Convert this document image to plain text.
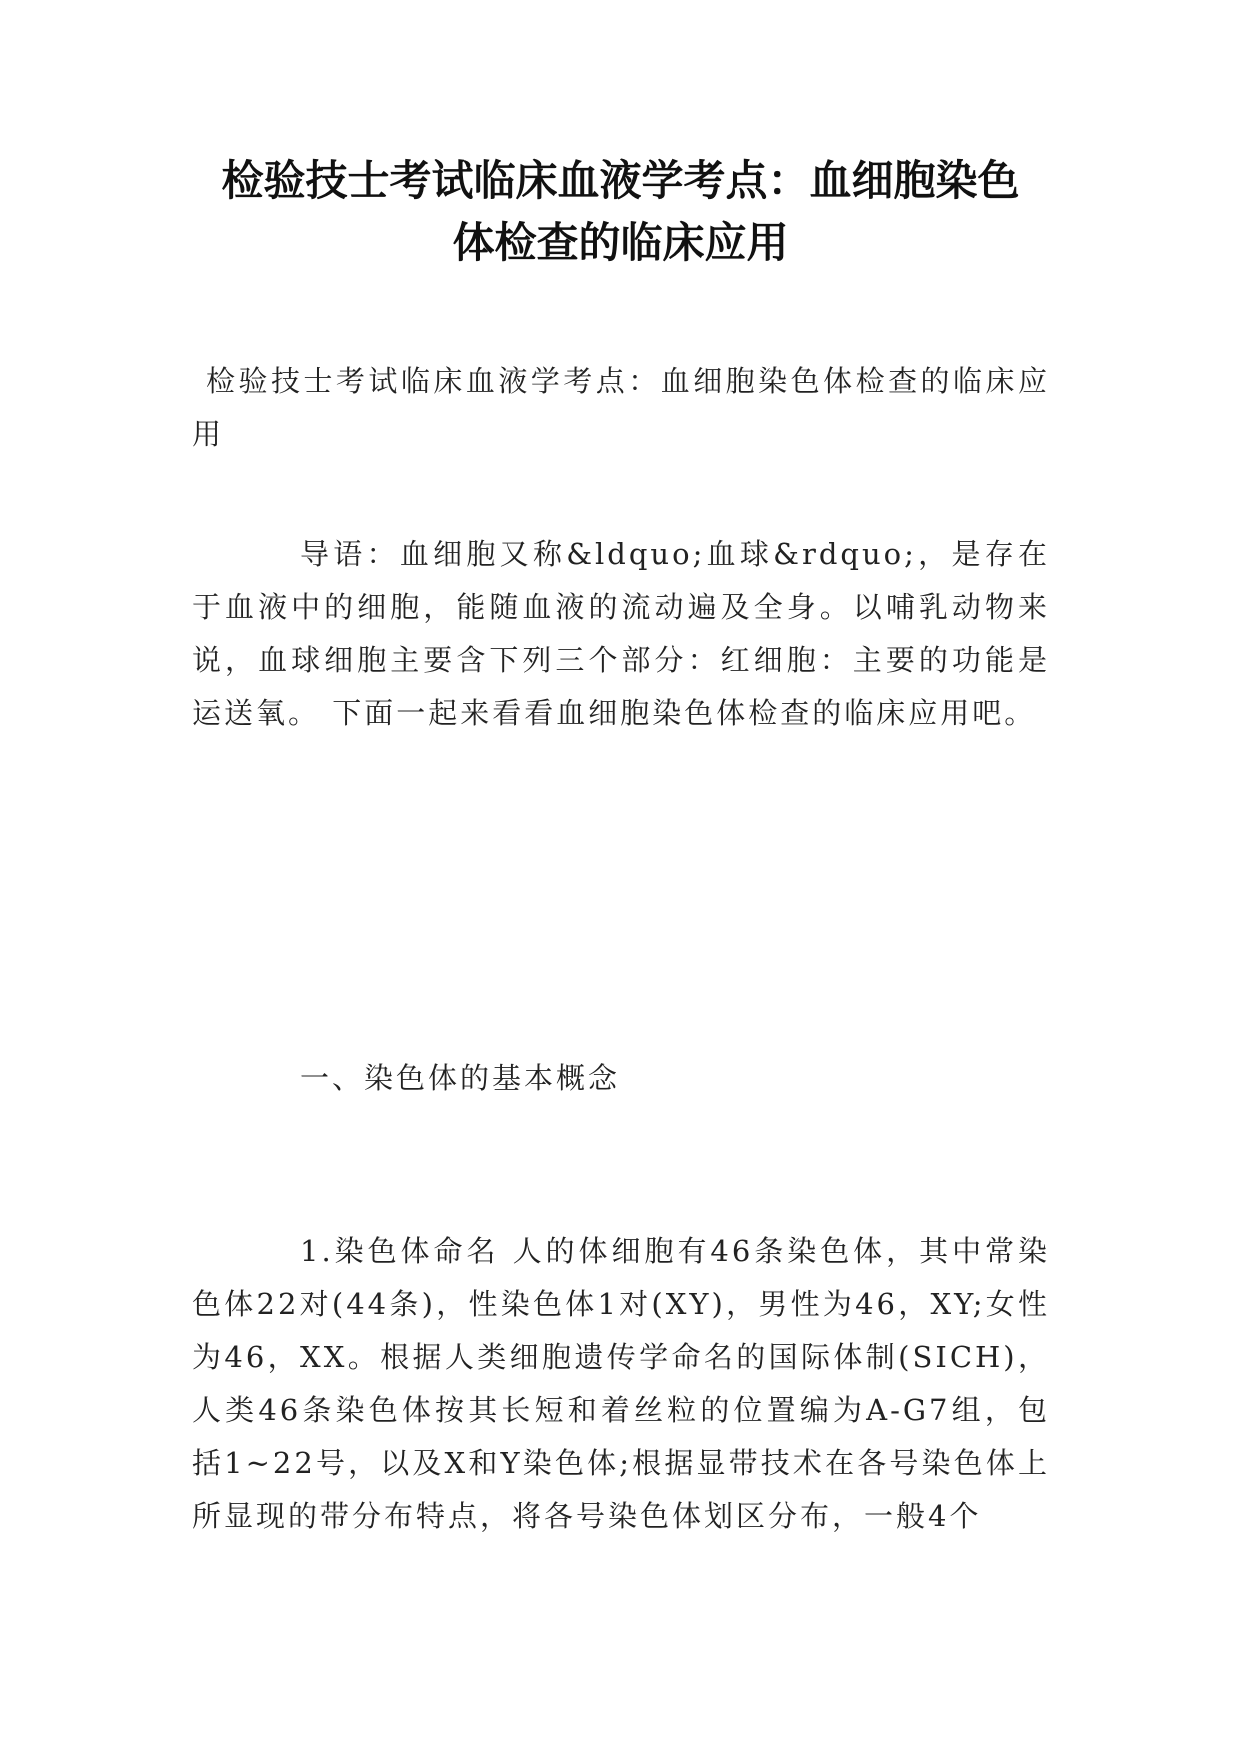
检验技士考试临床血液学考点：血细胞染色
体检查的临床应用

检验技士考试临床血液学考点：血细胞染色体检查的临床应用

导语：血细胞又称&ldquo;血球&rdquo;，是存在于血液中的细胞，能随血液的流动遍及全身。以哺乳动物来说，血球细胞主要含下列三个部分：红细胞：主要的功能是运送氧。 下面一起来看看血细胞染色体检查的临床应用吧。

一、染色体的基本概念

1.染色体命名 人的体细胞有46条染色体，其中常染色体22对(44条)，性染色体1对(XY)，男性为46，XY;女性为46，XX。根据人类细胞遗传学命名的国际体制(SICH)，人类46条染色体按其长短和着丝粒的位置编为A-G7组，包括1~22号，以及X和Y染色体;根据显带技术在各号染色体上所显现的带分布特点，将各号染色体划区分布，一般4个
